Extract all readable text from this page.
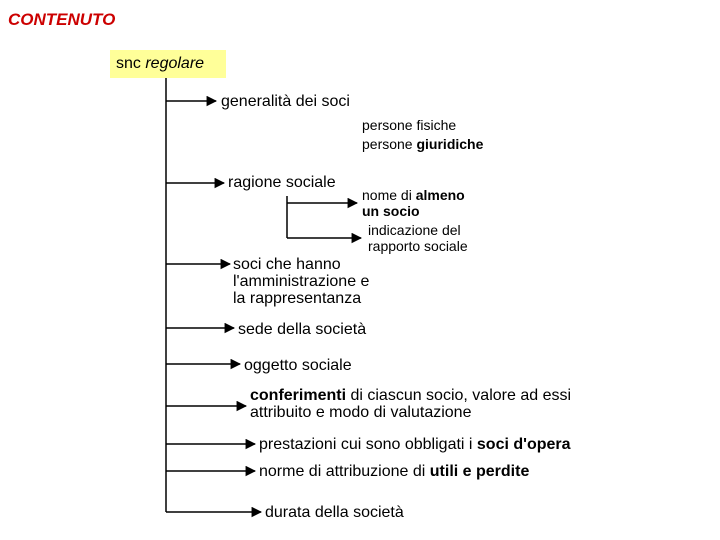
CONTENUTO
snc regolare
generalità dei soci
persone fisiche
persone giuridiche
ragione sociale
nome di almeno
un socio
indicazione del
rapporto sociale
soci che hanno
l'amministrazione e
la rappresentanza
sede della società
oggetto sociale
conferimenti di ciascun socio, valore ad essi
attribuito e modo di valutazione
prestazioni cui sono obbligati i soci d'opera
norme di attribuzione di utili e perdite
durata della società
